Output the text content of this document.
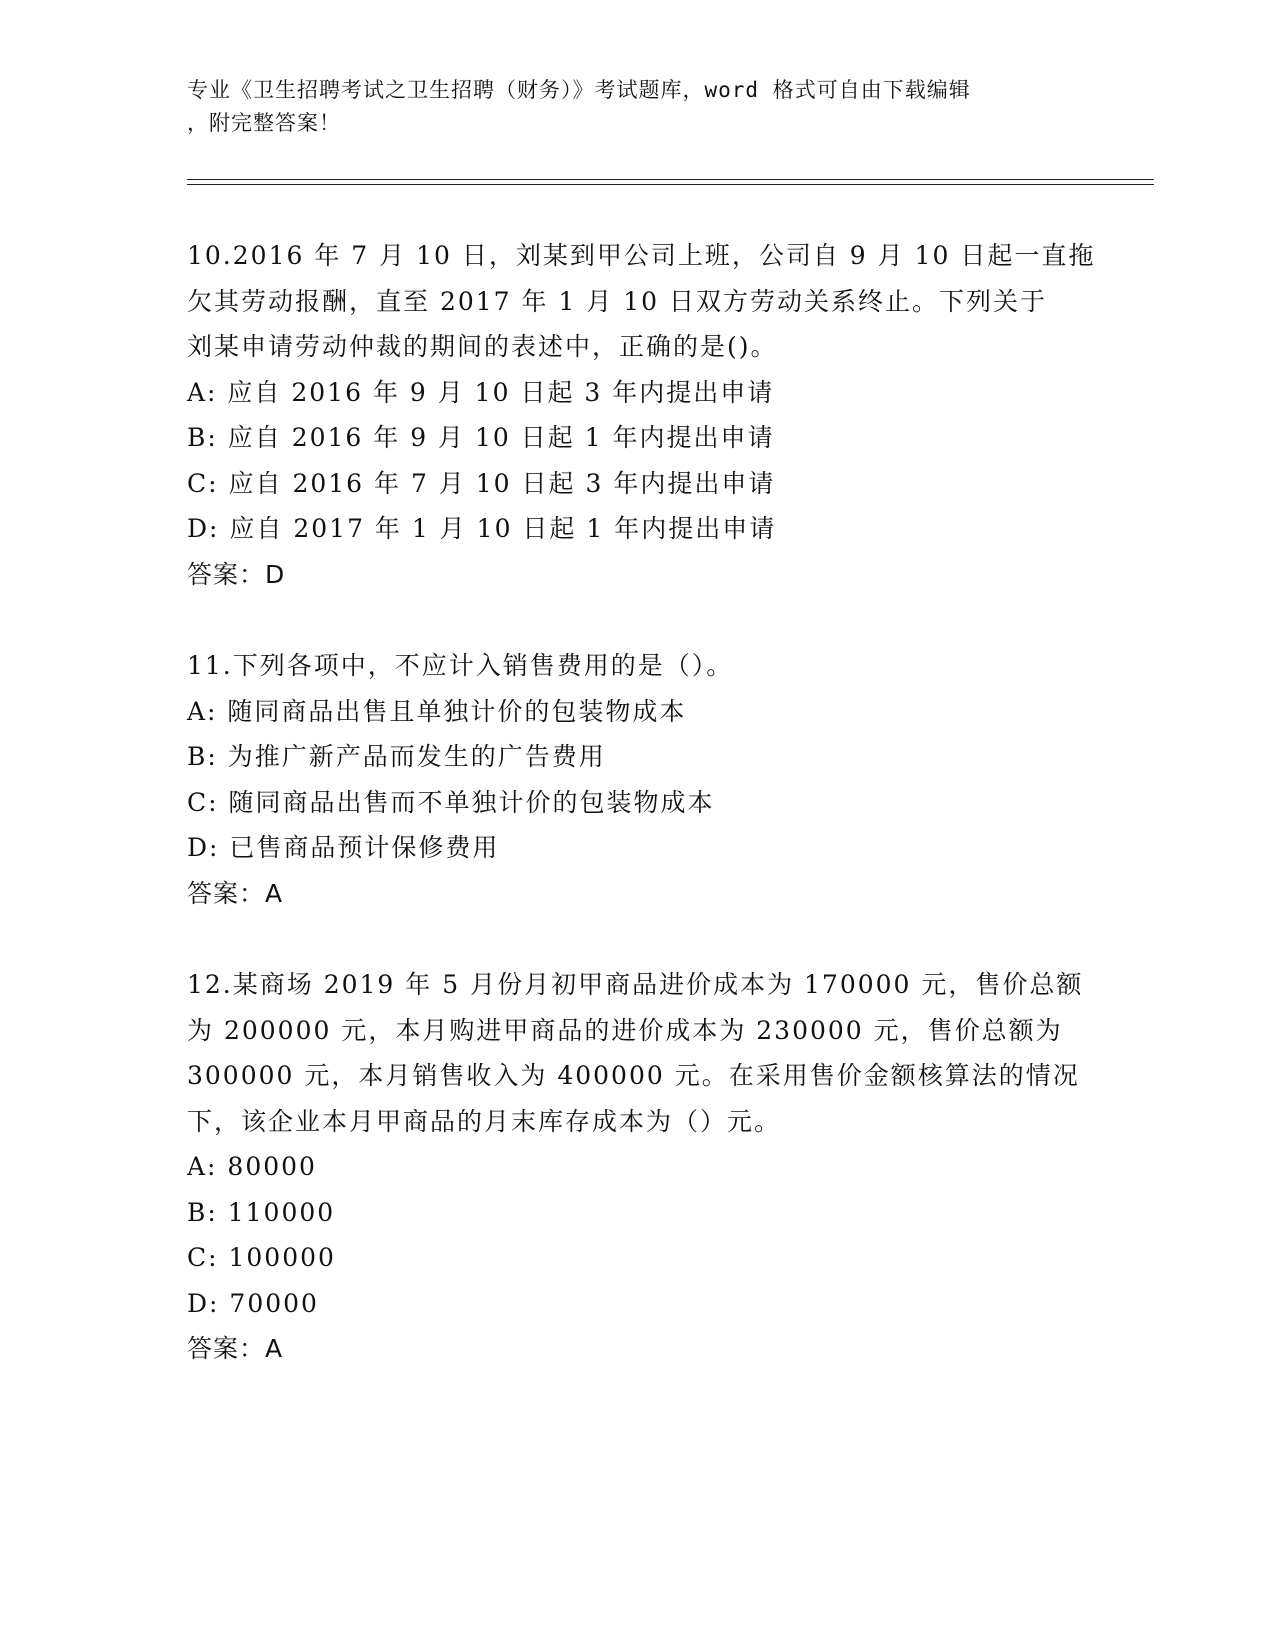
专业《卫生招聘考试之卫生招聘（财务）》考试题库，word 格式可自由下载编辑
，附完整答案！
10.2016 年 7 月 10 日，刘某到甲公司上班，公司自 9 月 10 日起一直拖
欠其劳动报酬，直至 2017 年 1 月 10 日双方劳动关系终止。下列关于
刘某申请劳动仲裁的期间的表述中，正确的是()。
A: 应自 2016 年 9 月 10 日起 3 年内提出申请
B: 应自 2016 年 9 月 10 日起 1 年内提出申请
C: 应自 2016 年 7 月 10 日起 3 年内提出申请
D: 应自 2017 年 1 月 10 日起 1 年内提出申请
答案：D
11.下列各项中，不应计入销售费用的是（）。
A: 随同商品出售且单独计价的包装物成本
B: 为推广新产品而发生的广告费用
C: 随同商品出售而不单独计价的包装物成本
D: 已售商品预计保修费用
答案：A
12.某商场 2019 年 5 月份月初甲商品进价成本为 170000 元，售价总额
为 200000 元，本月购进甲商品的进价成本为 230000 元，售价总额为
300000 元，本月销售收入为 400000 元。在采用售价金额核算法的情况
下，该企业本月甲商品的月末库存成本为（）元。
A: 80000
B: 110000
C: 100000
D: 70000
答案：A
